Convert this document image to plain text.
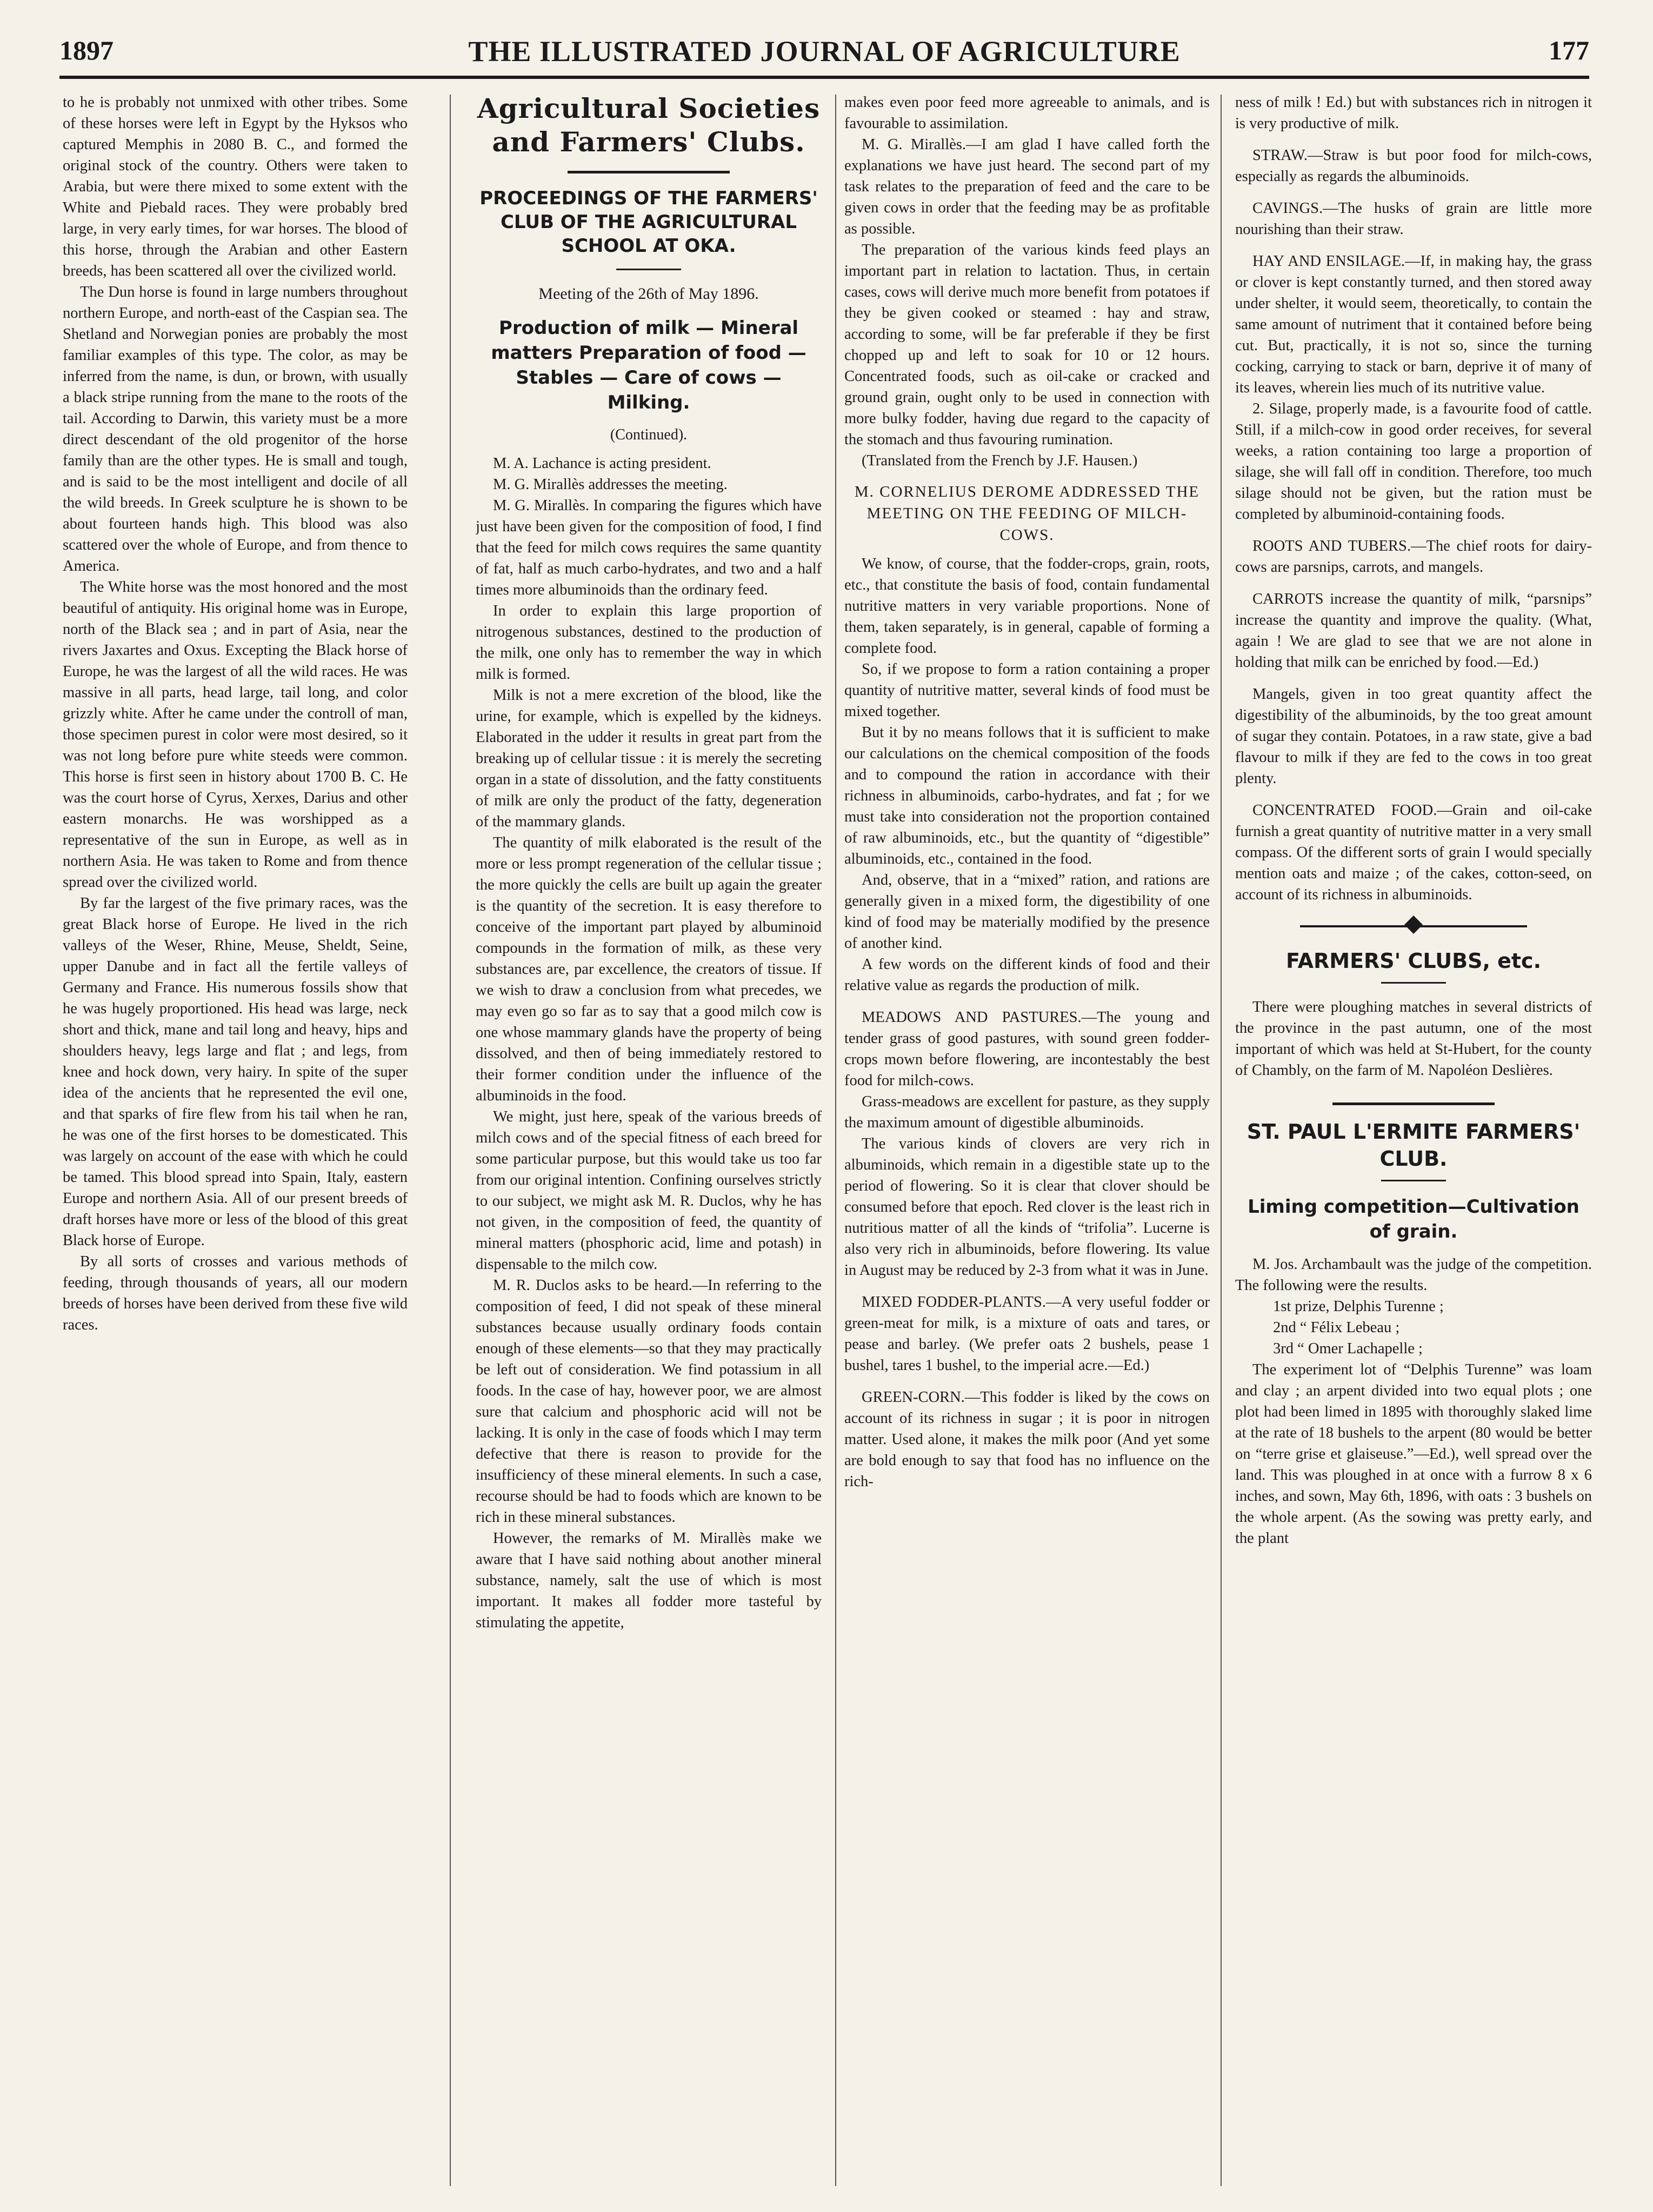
1897	THE ILLUSTRATED JOURNAL OF AGRICULTURE	177

to he is probably not unmixed with other tribes. Some of these horses were left in Egypt by the Hyksos who captured Memphis in 2080 B. C., and formed the original stock of the country. Others were taken to Arabia, but were there mixed to some extent with the White and Piebald races. They were probably bred large, in very early times, for war horses. The blood of this horse, through the Arabian and other Eastern breeds, has been scattered all over the civilized world.

The Dun horse is found in large numbers throughout northern Europe, and north-east of the Caspian sea. The Shetland and Norwegian ponies are probably the most familiar examples of this type. The color, as may be inferred from the name, is dun, or brown, with usually a black stripe running from the mane to the roots of the tail. According to Darwin, this variety must be a more direct descendant of the old progenitor of the horse family than are the other types. He is small and tough, and is said to be the most intelligent and docile of all the wild breeds. In Greek sculpture he is shown to be about fourteen hands high. This blood was also scattered over the whole of Europe, and from thence to America.

The White horse was the most honored and the most beautiful of antiquity. His original home was in Europe, north of the Black sea ; and in part of Asia, near the rivers Jaxartes and Oxus. Excepting the Black horse of Europe, he was the largest of all the wild races. He was massive in all parts, head large, tail long, and color grizzly white. After he came under the controll of man, those specimen purest in color were most desired, so it was not long before pure white steeds were common. This horse is first seen in history about 1700 B. C. He was the court horse of Cyrus, Xerxes, Darius and other eastern monarchs. He was worshipped as a representative of the sun in Europe, as well as in northern Asia. He was taken to Rome and from thence spread over the civilized world.

By far the largest of the five primary races, was the great Black horse of Europe. He lived in the rich valleys of the Weser, Rhine, Meuse, Sheldt, Seine, upper Danube and in fact all the fertile valleys of Germany and France. His numerous fossils show that he was hugely proportioned. His head was large, neck short and thick, mane and tail long and heavy, hips and shoulders heavy, legs large and flat ; and legs, from knee and hock down, very hairy. In spite of the super idea of the ancients that he represented the evil one, and that sparks of fire flew from his tail when he ran, he was one of the first horses to be domesticated. This was largely on account of the ease with which he could be tamed. This blood spread into Spain, Italy, eastern Europe and northern Asia. All of our present breeds of draft horses have more or less of the blood of this great Black horse of Europe.

By all sorts of crosses and various methods of feeding, through thousands of years, all our modern breeds of horses have been derived from these five wild races.

Agricultural Societies and Farmers' Clubs.
PROCEEDINGS OF THE FARMERS' CLUB OF THE AGRICULTURAL SCHOOL AT OKA.
Meeting of the 26th of May 1896.
Production of milk — Mineral matters Preparation of food — Stables — Care of cows — Milking.
(Continued).

M. A. Lachance is acting president.

M. G. Mirallès addresses the meeting.

M. G. Mirallès. In comparing the figures which have just have been given for the composition of food, I find that the feed for milch cows requires the same quantity of fat, half as much carbo-hydrates, and two and a half times more albuminoids than the ordinary feed.

In order to explain this large proportion of nitrogenous substances, destined to the production of the milk, one only has to remember the way in which milk is formed.

Milk is not a mere excretion of the blood, like the urine, for example, which is expelled by the kidneys. Elaborated in the udder it results in great part from the breaking up of cellular tissue : it is merely the secreting organ in a state of dissolution, and the fatty constituents of milk are only the product of the fatty, degeneration of the mammary glands.

The quantity of milk elaborated is the result of the more or less prompt regeneration of the cellular tissue ; the more quickly the cells are built up again the greater is the quantity of the secretion. It is easy therefore to conceive of the important part played by albuminoid compounds in the formation of milk, as these very substances are, par excellence, the creators of tissue. If we wish to draw a conclusion from what precedes, we may even go so far as to say that a good milch cow is one whose mammary glands have the property of being dissolved, and then of being immediately restored to their former condition under the influence of the albuminoids in the food.

We might, just here, speak of the various breeds of milch cows and of the special fitness of each breed for some particular purpose, but this would take us too far from our original intention. Confining ourselves strictly to our subject, we might ask M. R. Duclos, why he has not given, in the composition of feed, the quantity of mineral matters (phosphoric acid, lime and potash) in dispensable to the milch cow.

M. R. Duclos asks to be heard.—In referring to the composition of feed, I did not speak of these mineral substances because usually ordinary foods contain enough of these elements—so that they may practically be left out of consideration. We find potassium in all foods. In the case of hay, however poor, we are almost sure that calcium and phosphoric acid will not be lacking. It is only in the case of foods which I may term defective that there is reason to provide for the insufficiency of these mineral elements. In such a case, recourse should be had to foods which are known to be rich in these mineral substances.

However, the remarks of M. Mirallès make we aware that I have said nothing about another mineral substance, namely, salt the use of which is most important. It makes all fodder more tasteful by stimulating the appetite,

makes even poor feed more agreeable to animals, and is favourable to assimilation.

M. G. Mirallès.—I am glad I have called forth the explanations we have just heard. The second part of my task relates to the preparation of feed and the care to be given cows in order that the feeding may be as profitable as possible.

The preparation of the various kinds feed plays an important part in relation to lactation. Thus, in certain cases, cows will derive much more benefit from potatoes if they be given cooked or steamed : hay and straw, according to some, will be far preferable if they be first chopped up and left to soak for 10 or 12 hours. Concentrated foods, such as oil-cake or cracked and ground grain, ought only to be used in connection with more bulky fodder, having due regard to the capacity of the stomach and thus favouring rumination.

(Translated from the French by J.F. Hausen.)

M. CORNELIUS DEROME ADDRESSED THE MEETING ON THE FEEDING OF MILCH-COWS.

We know, of course, that the fodder-crops, grain, roots, etc., that constitute the basis of food, contain fundamental nutritive matters in very variable proportions. None of them, taken separately, is in general, capable of forming a complete food.

So, if we propose to form a ration containing a proper quantity of nutritive matter, several kinds of food must be mixed together.

But it by no means follows that it is sufficient to make our calculations on the chemical composition of the foods and to compound the ration in accordance with their richness in albuminoids, carbo-hydrates, and fat ; for we must take into consideration not the proportion contained of raw albuminoids, etc., but the quantity of “digestible” albuminoids, etc., contained in the food.

And, observe, that in a “mixed” ration, and rations are generally given in a mixed form, the digestibility of one kind of food may be materially modified by the presence of another kind.

A few words on the different kinds of food and their relative value as regards the production of milk.

MEADOWS AND PASTURES.—The young and tender grass of good pastures, with sound green fodder-crops mown before flowering, are incontestably the best food for milch-cows.

Grass-meadows are excellent for pasture, as they supply the maximum amount of digestible albuminoids.

The various kinds of clovers are very rich in albuminoids, which remain in a digestible state up to the period of flowering. So it is clear that clover should be consumed before that epoch. Red clover is the least rich in nutritious matter of all the kinds of “trifolia”. Lucerne is also very rich in albuminoids, before flowering. Its value in August may be reduced by 2-3 from what it was in June.

MIXED FODDER-PLANTS.—A very useful fodder or green-meat for milk, is a mixture of oats and tares, or pease and barley. (We prefer oats 2 bushels, pease 1 bushel, tares 1 bushel, to the imperial acre.—Ed.)

GREEN-CORN.—This fodder is liked by the cows on account of its richness in sugar ; it is poor in nitrogen matter. Used alone, it makes the milk poor (And yet some are bold enough to say that food has no influence on the rich-

ness of milk ! Ed.) but with substances rich in nitrogen it is very productive of milk.

STRAW.—Straw is but poor food for milch-cows, especially as regards the albuminoids.

CAVINGS.—The husks of grain are little more nourishing than their straw.

HAY AND ENSILAGE.—If, in making hay, the grass or clover is kept constantly turned, and then stored away under shelter, it would seem, theoretically, to contain the same amount of nutriment that it contained before being cut. But, practically, it is not so, since the turning cocking, carrying to stack or barn, deprive it of many of its leaves, wherein lies much of its nutritive value.

2. Silage, properly made, is a favourite food of cattle. Still, if a milch-cow in good order receives, for several weeks, a ration containing too large a proportion of silage, she will fall off in condition. Therefore, too much silage should not be given, but the ration must be completed by albuminoid-containing foods.

ROOTS AND TUBERS.—The chief roots for dairy-cows are parsnips, carrots, and mangels.

CARROTS increase the quantity of milk, “parsnips” increase the quantity and improve the quality. (What, again ! We are glad to see that we are not alone in holding that milk can be enriched by food.—Ed.)

Mangels, given in too great quantity affect the digestibility of the albuminoids, by the too great amount of sugar they contain. Potatoes, in a raw state, give a bad flavour to milk if they are fed to the cows in too great plenty.

CONCENTRATED FOOD.—Grain and oil-cake furnish a great quantity of nutritive matter in a very small compass. Of the different sorts of grain I would specially mention oats and maize ; of the cakes, cotton-seed, on account of its richness in albuminoids.

FARMERS' CLUBS, etc.

There were ploughing matches in several districts of the province in the past autumn, one of the most important of which was held at St-Hubert, for the county of Chambly, on the farm of M. Napoléon Deslières.

ST. PAUL L'ERMITE FARMERS' CLUB.
Liming competition—Cultivation of grain.

M. Jos. Archambault was the judge of the competition. The following were the results.

1st prize, Delphis Turenne ;

2nd “ Félix Lebeau ;

3rd “ Omer Lachapelle ;

The experiment lot of “Delphis Turenne” was loam and clay ; an arpent divided into two equal plots ; one plot had been limed in 1895 with thoroughly slaked lime at the rate of 18 bushels to the arpent (80 would be better on “terre grise et glaiseuse.”—Ed.), well spread over the land. This was ploughed in at once with a furrow 8 x 6 inches, and sown, May 6th, 1896, with oats : 3 bushels on the whole arpent. (As the sowing was pretty early, and the plant
